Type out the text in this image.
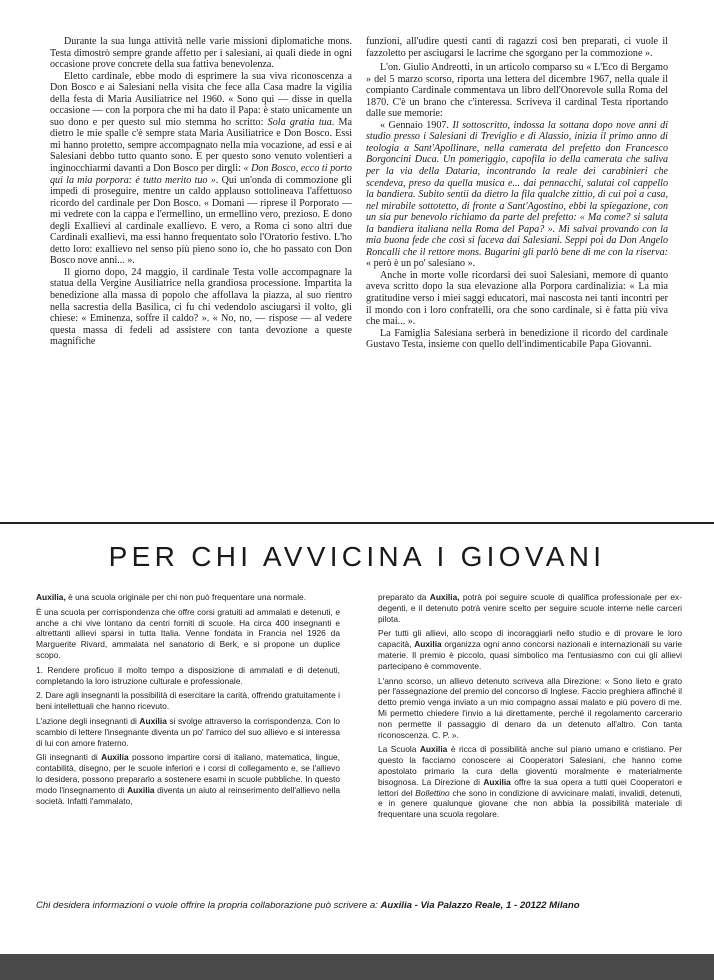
Durante la sua lunga attività nelle varie missioni diplomatiche mons. Testa dimostrò sempre grande affetto per i salesiani, ai quali diede in ogni occasione prove concrete della sua fattiva benevolenza.

Eletto cardinale, ebbe modo di esprimere la sua viva riconoscenza a Don Bosco e ai Salesiani nella visita che fece alla Casa madre la vigilia della festa di Maria Ausiliatrice nel 1960. « Sono qui — disse in quella occasione — con la porpora che mi ha dato il Papa: è stato unicamente un suo dono e per questo sul mio stemma ho scritto: Sola gratia tua. Ma dietro le mie spalle c'è sempre stata Maria Ausiliatrice e Don Bosco. Essi mi hanno protetto, sempre accompagnato nella mia vocazione, ad essi e ai Salesiani debbo tutto quanto sono. E per questo sono venuto volentieri a inginocchiarmi davanti a Don Bosco per dirgli: « Don Bosco, ecco ti porto qui la mia porpora: è tutto merito tuo ». Qui un'onda di commozione gli impedì di proseguire, mentre un caldo applauso sottolineava l'affettuoso ricordo del cardinale per Don Bosco. « Domani — riprese il Porporato — mi vedrete con la cappa e l'ermellino, un ermellino vero, prezioso. E dono degli Exallievi al cardinale exallievo. E vero, a Roma ci sono altri due Cardinali exallievi, ma essi hanno frequentato solo l'Oratorio festivo. L'ho detto loro: exallievo nel senso più pieno sono io, che ho passato con Don Bosco nove anni... ».

Il giorno dopo, 24 maggio, il cardinale Testa volle accompagnare la statua della Vergine Ausiliatrice nella grandiosa processione. Impartita la benedizione alla massa di popolo che affollava la piazza, al suo rientro nella sacrestia della Basilica, ci fu chi vedendolo asciugarsi il volto, gli chiese: « Eminenza, soffre il caldo? ». « No, no, — rispose — al vedere questa massa di fedeli ad assistere con tanta devozione a queste magnifiche

funzioni, all'udire questi canti di ragazzi così ben preparati, ci vuole il fazzoletto per asciugarsi le lacrime che sgorgano per la commozione ».

L'on. Giulio Andreotti, in un articolo comparso su « L'Eco di Bergamo » del 5 marzo scorso, riporta una lettera del dicembre 1967, nella quale il compianto Cardinale commentava un libro dell'Onorevole sulla Roma del 1870. C'è un brano che c'interessa. Scriveva il cardinal Testa riportando dalle sue memorie:

« Gennaio 1907. Il sottoscritto, indossa la sottana dopo nove anni di studio presso i Salesiani di Treviglio e di Alassio, inizia il primo anno di teologia a Sant'Apollinare, nella camerata del prefetto don Francesco Borgoncini Duca. Un pomeriggio, capofila io della camerata che saliva per la via della Dataria, incontrando la reale dei carabinieri che scendeva, preso da quella musica e... dai pennacchi, salutai col cappello la bandiera. Subito sentii da dietro la fila qualche zittio, di cui poi a casa, nel mirabile sottotetto, di fronte a Sant'Agostino, ebbi la spiegazione, con un sia pur benevolo richiamo da parte del prefetto: « Ma come? si saluta la bandiera italiana nella Roma del Papa? ». Mi salvai provando con la mia buona fede che così si faceva dai Salesiani. Seppi poi da Don Angelo Roncalli che il rettore mons. Bugarini gli parlò bene di me con la riserva: « però è un po' salesiano ».

Anche in morte volle ricordarsi dei suoi Salesiani, memore di quanto aveva scritto dopo la sua elevazione alla Porpora cardinalizia: « La mia gratitudine verso i miei saggi educatori, mai nascosta nei tanti incontri per il mondo con i loro confratelli, ora che sono cardinale, si è fatta più viva che mai... ».

La Famiglia Salesiana serberà in benedizione il ricordo del cardinale Gustavo Testa, insieme con quello dell'indimenticabile Papa Giovanni.

PER CHI AVVICINA I GIOVANI

Auxilia, è una scuola originale per chi non può frequentare una normale.

È una scuola per corrispondenza che offre corsi gratuiti ad ammalati e detenuti, e anche a chi vive lontano da centri forniti di scuole. Ha circa 400 insegnanti e altrettanti allievi sparsi in tutta Italia. Venne fondata in Francia nel 1926 da Marguerite Rivard, ammalata nel sanatorio di Berk, e si propone un duplice scopo.

1. Rendere proficuo il molto tempo a disposizione di ammalati e di detenuti, completando la loro istruzione culturale e professionale.

2. Dare agli insegnanti la possibilità di esercitare la carità, offrendo gratuitamente i beni intellettuali che hanno ricevuto.

L'azione degli insegnanti di Auxilia si svolge attraverso la corrispondenza. Con lo scambio di lettere l'insegnante diventa un po' l'amico del suo allievo e si interessa di lui con amore fraterno.

Gli insegnanti di Auxilia possono impartire corsi di italiano, matematica, lingue, contabilità, disegno, per le scuole inferiori e i corsi di collegamento e, se l'allievo lo desidera, possono prepararlo a sostenere esami in scuole pubbliche. In questo modo l'insegnamento di Auxilia diventa un aiuto al reinserimento dell'allievo nella società. Infatti l'ammalato,

preparato da Auxilia, potrà poi seguire scuole di qualifica professionale per ex-degenti, e il detenuto potrà venire scelto per seguire scuole interne nelle carceri pilota.

Per tutti gli allievi, allo scopo di incoraggiarli nello studio e di provare le loro capacità, Auxilia organizza ogni anno concorsi nazionali e internazionali su varie materie. Il premio è piccolo, quasi simbolico ma l'entusiasmo con cui gli allievi partecipano è commovente.

L'anno scorso, un allievo detenuto scriveva alla Direzione: « Sono lieto e grato per l'assegnazione del premio del concorso di Inglese. Faccio preghiera affinché il detto premio venga inviato a un mio compagno assai malato e più povero di me. Mi permetto chiedere l'invio a lui direttamente, perché il regolamento carcerario non permette il passaggio di denaro da un detenuto all'altro. Con tanta riconoscenza. C. P. ».

La Scuola Auxilia è ricca di possibilità anche sul piano umano e cristiano. Per questo la facciamo conoscere ai Cooperatori Salesiani, che hanno come apostolato primario la cura della gioventù moralmente e materialmente bisognosa. La Direzione di Auxilia offre la sua opera a tutti quei Cooperatori e lettori del Bollettino che sono in condizione di avvicinare malati, invalidi, detenuti, e in genere qualunque giovane che non abbia la possibilità materiale di frequentare una scuola regolare.

Chi desidera informazioni o vuole offrire la propria collaborazione può scrivere a: Auxilia - Via Palazzo Reale, 1 - 20122 Milano
